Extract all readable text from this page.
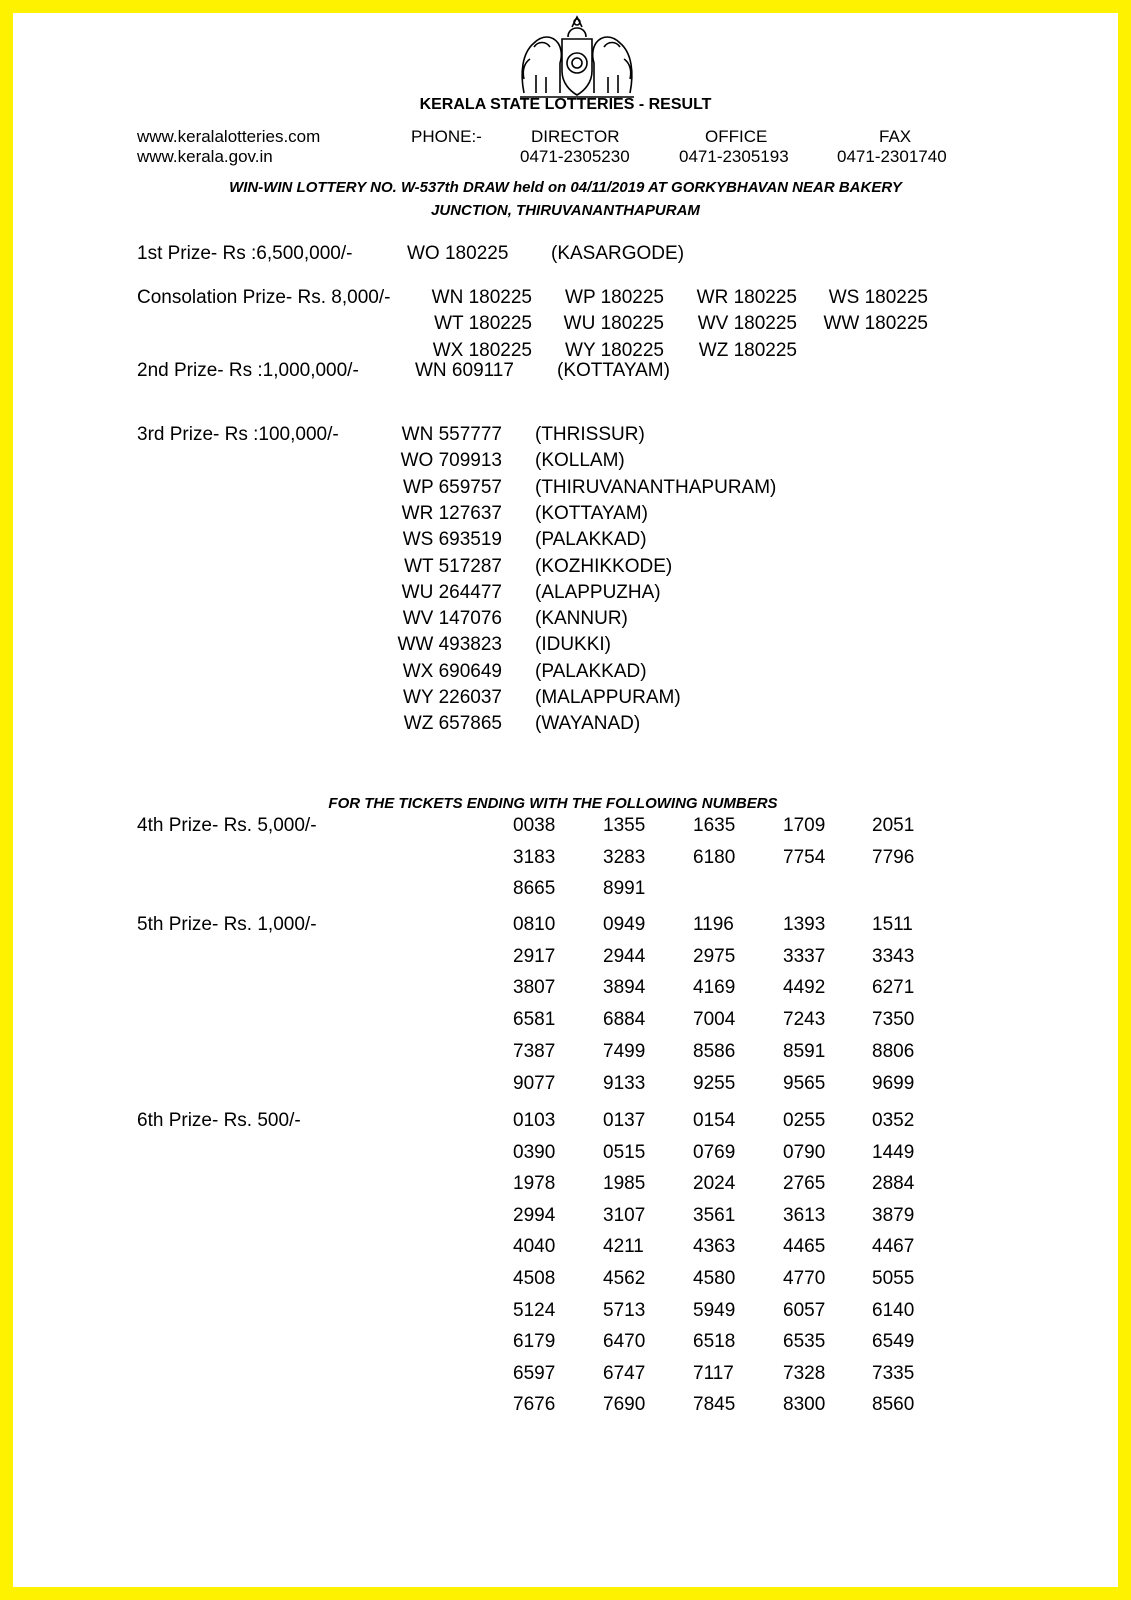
KERALA STATE LOTTERIES - RESULT
www.keralalotteries.com
www.kerala.gov.in
PHONE:-	DIRECTOR	OFFICE	FAX
0471-2305230	0471-2305193	0471-2301740
WIN-WIN LOTTERY NO. W-537th DRAW held on 04/11/2019 AT GORKYBHAVAN NEAR BAKERY
JUNCTION, THIRUVANANTHAPURAM
1st Prize- Rs :6,500,000/-	WO 180225 (KASARGODE)
Consolation Prize- Rs. 8,000/-	WN 180225	WP 180225	WR 180225	WS 180225
WT 180225	WU 180225	WV 180225	WW 180225
WX 180225	WY 180225	WZ 180225
2nd Prize- Rs :1,000,000/-	WN 609117 (KOTTAYAM)
3rd Prize- Rs :100,000/-	WN 557777 (THRISSUR)
WO 709913 (KOLLAM)
WP 659757 (THIRUVANANTHAPURAM)
WR 127637 (KOTTAYAM)
WS 693519 (PALAKKAD)
WT 517287 (KOZHIKKODE)
WU 264477 (ALAPPUZHA)
WV 147076 (KANNUR)
WW 493823 (IDUKKI)
WX 690649 (PALAKKAD)
WY 226037 (MALAPPURAM)
WZ 657865 (WAYANAD)
FOR THE TICKETS ENDING WITH THE FOLLOWING NUMBERS
4th Prize- Rs. 5,000/-	0038	1355	1635	1709 2051
3183	3283	6180	7754 7796
8665	8991
5th Prize- Rs. 1,000/-	0810	0949	1196	1393 1511
2917	2944	2975	3337 3343
3807	3894	4169	4492 6271
6581	6884	7004	7243 7350
7387	7499	8586	8591 8806
9077	9133	9255	9565 9699
6th Prize- Rs. 500/-	0103	0137	0154	0255 0352
0390	0515	0769	0790 1449
1978	1985	2024	2765 2884
2994	3107	3561	3613 3879
4040	4211	4363	4465 4467
4508	4562	4580	4770 5055
5124	5713	5949	6057 6140
6179	6470	6518	6535 6549
6597	6747	7117	7328 7335
7676	7690	7845	8300 8560
